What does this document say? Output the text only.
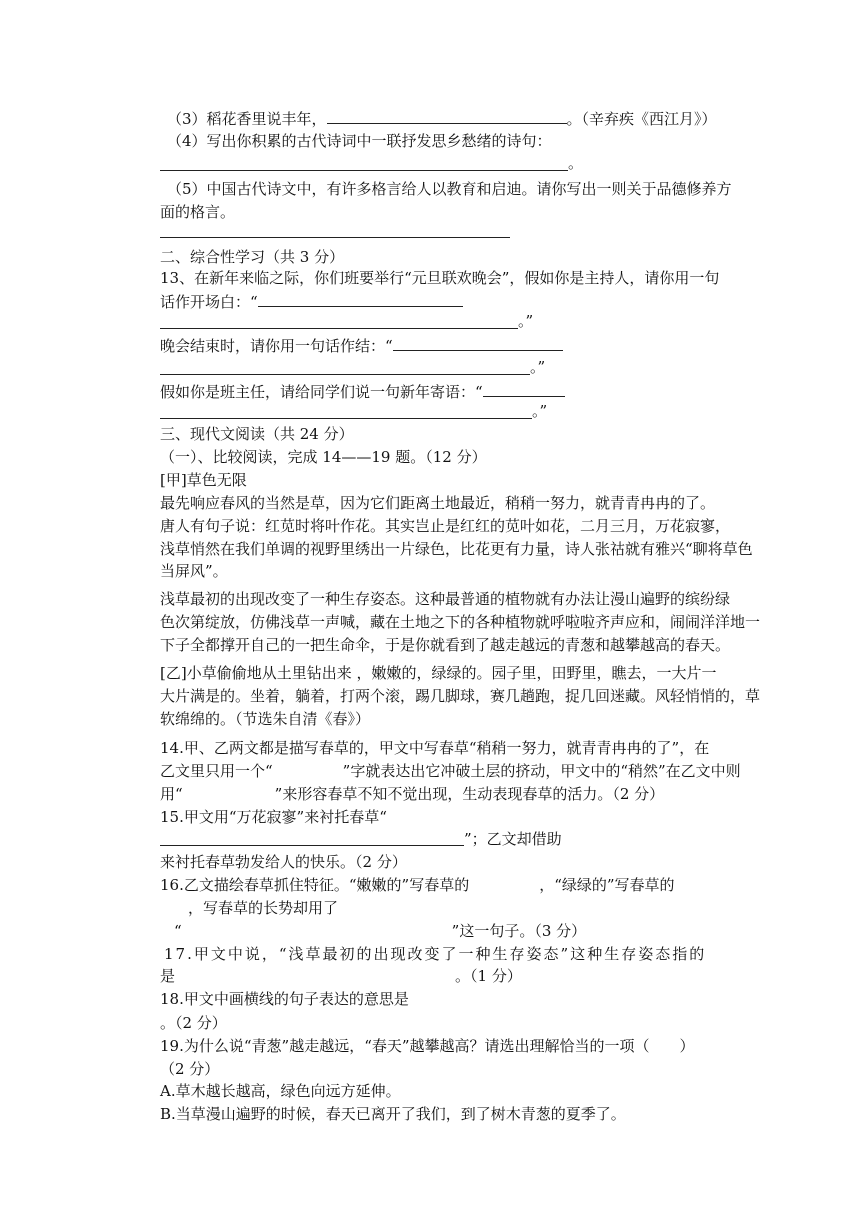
（3）稻花香里说丰年，	。（辛弃疾《西江月》）
（4）写出你积累的古代诗词中一联抒发思乡愁绪的诗句：
。
（5）中国古代诗文中，有许多格言给人以教育和启迪。请你写出一则关于品德修养方
面的格言。
二、综合性学习（共 3 分）
13、在新年来临之际，你们班要举行“元旦联欢晚会”，假如你是主持人，请你用一句
话作开场白：“
。”
晚会结束时，请你用一句话作结：“
。”
假如你是班主任，请给同学们说一句新年寄语：“
。”
三、现代文阅读（共 24 分）
（一）、比较阅读，完成 14——19 题。（12 分）
[甲]草色无限
最先响应春风的当然是草，因为它们距离土地最近，稍稍一努力，就青青冉冉的了。
唐人有句子说：红苋时将叶作花。其实岂止是红红的苋叶如花，二月三月，万花寂寥，
浅草悄然在我们单调的视野里绣出一片绿色，比花更有力量，诗人张祜就有雅兴“聊将草色
当屏风”。
浅草最初的出现改变了一种生存姿态。这种最普通的植物就有办法让漫山遍野的缤纷绿
色次第绽放，仿佛浅草一声喊，藏在土地之下的各种植物就呼啦啦齐声应和，闹闹洋洋地一
下子全都撑开自己的一把生命伞，于是你就看到了越走越远的青葱和越攀越高的春天。
[乙]小草偷偷地从土里钻出来 ，嫩嫩的，绿绿的。园子里，田野里，瞧去，一大片一
大片满是的。坐着，躺着，打两个滚，踢几脚球，赛几趟跑，捉几回迷藏。风轻悄悄的，草
软绵绵的。（节选朱自清《春》）
14.甲、乙两文都是描写春草的，甲文中写春草“稍稍一努力，就青青冉冉的了”，在
乙文里只用一个“	”字就表达出它冲破土层的挤动，甲文中的“稍然”在乙文中则
用“	”来形容春草不知不觉出现，生动表现春草的活力。（2 分）
15.甲文用“万花寂寥”来衬托春草“
”；乙文却借助
来衬托春草勃发给人的快乐。（2 分）
16.乙文描绘春草抓住特征。“嫩嫩的”写春草的	，“绿绿的”写春草的
，写春草的长势却用了
“	”这一句子。（3 分）
17.甲文中说，“浅草最初的出现改变了一种生存姿态”这种生存姿态指的
是	。（1 分）
18.甲文中画横线的句子表达的意思是
。（2 分）
19.为什么说“青葱”越走越远，“春天”越攀越高？请选出理解恰当的一项（　　）
（2 分）
A.草木越长越高，绿色向远方延伸。
B.当草漫山遍野的时候，春天已离开了我们，到了树木青葱的夏季了。
